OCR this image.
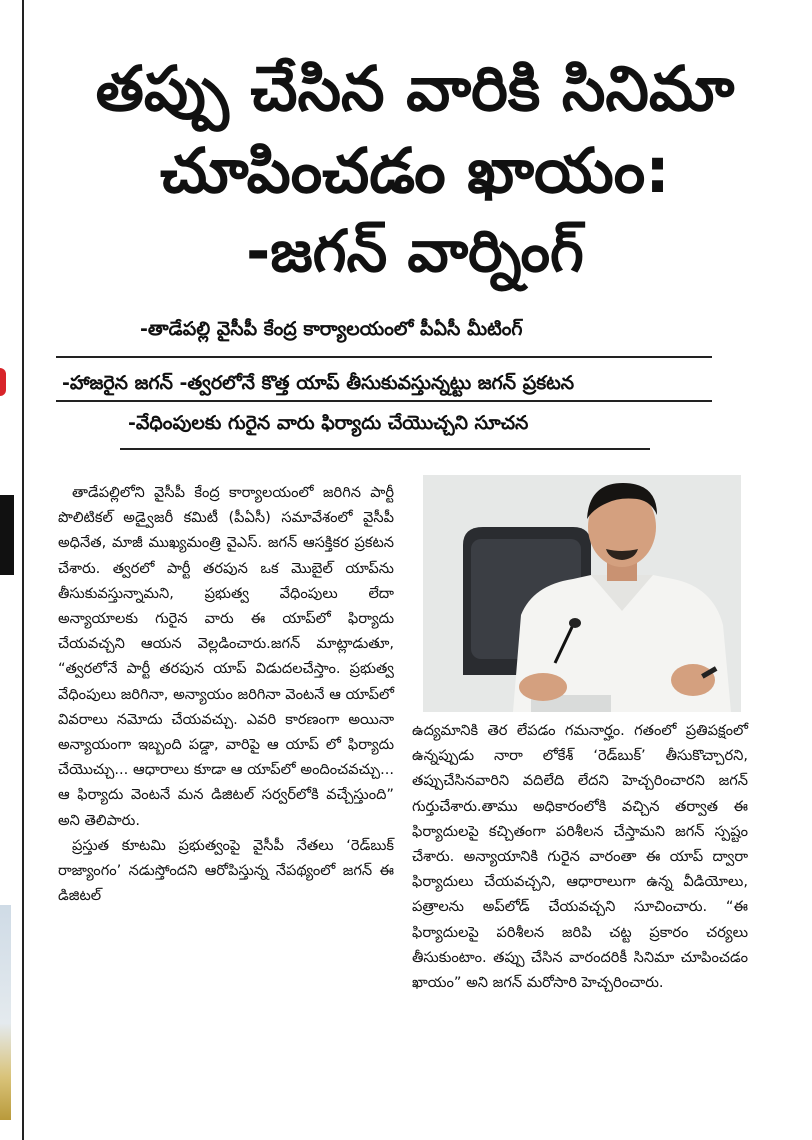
తప్పు చేసిన వారికి సినిమా
చూపించడం ఖాయం:
-జగన్ వార్నింగ్
-తాడేపల్లి వైసీపీ కేంద్ర కార్యాలయంలో పీఏసీ మీటింగ్
-హాజరైన జగన్ -త్వరలోనే కొత్త యాప్ తీసుకువస్తున్నట్టు జగన్ ప్రకటన
-వేధింపులకు గురైన వారు ఫిర్యాదు చేయొచ్చని సూచన

తాడేపల్లిలోని వైసీపీ కేంద్ర కార్యాలయంలో జరిగిన పార్టీ పొలిటికల్ అడ్వైజరీ కమిటీ (పీఏసీ) సమావేశంలో వైసీపీ అధినేత, మాజీ ముఖ్యమంత్రి వైఎస్. జగన్ ఆసక్తికర ప్రకటన చేశారు. త్వరలో పార్టీ తరపున ఒక మొబైల్ యాప్‌ను తీసుకువస్తున్నామని, ప్రభుత్వ వేధింపులు లేదా అన్యాయాలకు గురైన వారు ఈ యాప్‌లో ఫిర్యాదు చేయవచ్చని ఆయన వెల్లడించారు.జగన్ మాట్లాడుతూ, “త్వరలోనే పార్టీ తరపున యాప్ విడుదలచేస్తాం. ప్రభుత్వ వేధింపులు జరిగినా, అన్యాయం జరిగినా వెంటనే ఆ యాప్‌లో వివరాలు నమోదు చేయవచ్చు. ఎవరి కారణంగా అయినా అన్యాయంగా ఇబ్బంది పడ్డా, వారిపై ఆ యాప్ లో ఫిర్యాదు చేయొచ్చు... ఆధారాలు కూడా ఆ యాప్‌లో అందించవచ్చు... ఆ ఫిర్యాదు వెంటనే మన డిజిటల్ సర్వర్‌లోకి వచ్చేస్తుంది” అని తెలిపారు.

ప్రస్తుత కూటమి ప్రభుత్వంపై వైసీపీ నేతలు ‘రెడ్‌బుక్ రాజ్యాంగం’ నడుస్తోందని ఆరోపిస్తున్న నేపథ్యంలో జగన్ ఈ డిజిటల్

ఉద్యమానికి తెర లేపడం గమనార్హం. గతంలో ప్రతిపక్షంలో ఉన్నప్పుడు నారా లోకేశ్ ‘రెడ్‌బుక్’ తీసుకొచ్చారని, తప్పుచేసినవారిని వదిలేది లేదని హెచ్చరించారని జగన్ గుర్తుచేశారు.తాము అధికారంలోకి వచ్చిన తర్వాత ఈ ఫిర్యాదులపై కచ్చితంగా పరిశీలన చేస్తామని జగన్ స్పష్టం చేశారు. అన్యాయానికి గురైన వారంతా ఈ యాప్ ద్వారా ఫిర్యాదులు చేయవచ్చని, ఆధారాలుగా ఉన్న వీడియోలు, పత్రాలను అప్‌లోడ్ చేయవచ్చని సూచించారు. “ఈ ఫిర్యాదులపై పరిశీలన జరిపి చట్ట ప్రకారం చర్యలు తీసుకుంటాం. తప్పు చేసిన వారందరికీ సినిమా చూపించడం ఖాయం” అని జగన్ మరోసారి హెచ్చరించారు.
